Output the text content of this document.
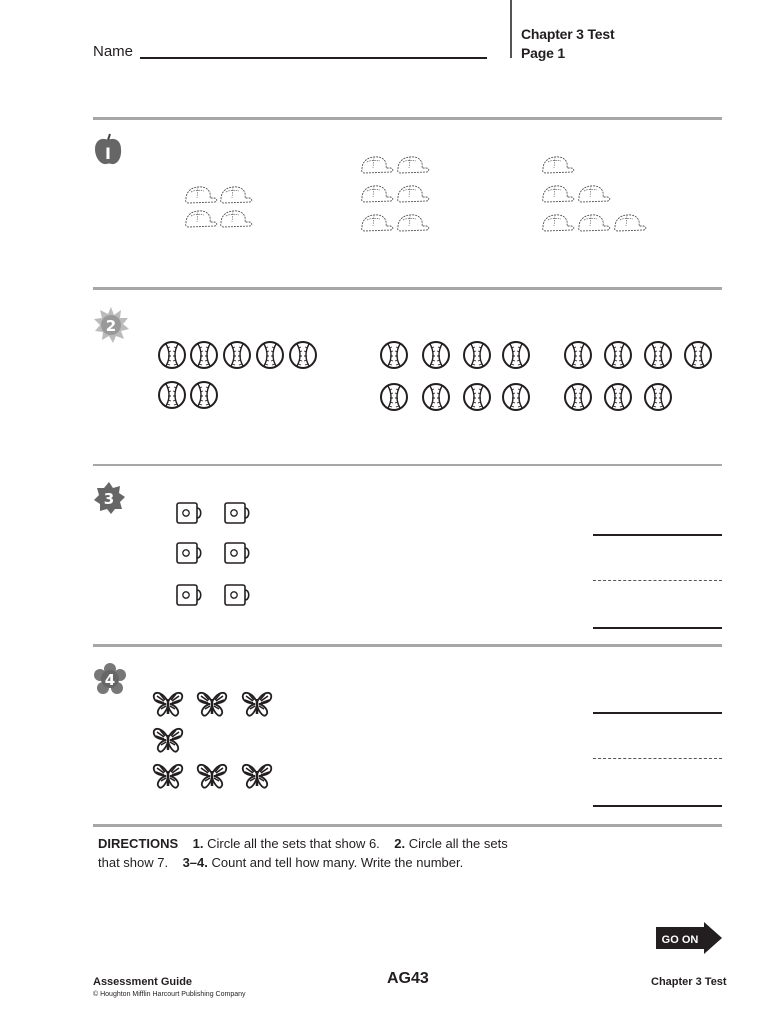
Name
Chapter 3 Test
Page 1
I
2
3
4
DIRECTIONS 1. Circle all the sets that show 6. 2. Circle all the sets
that show 7. 3–4. Count and tell how many. Write the number.
GO ON
Assessment Guide
© Houghton Mifflin Harcourt Publishing Company
AG43	Chapter 3 Test
